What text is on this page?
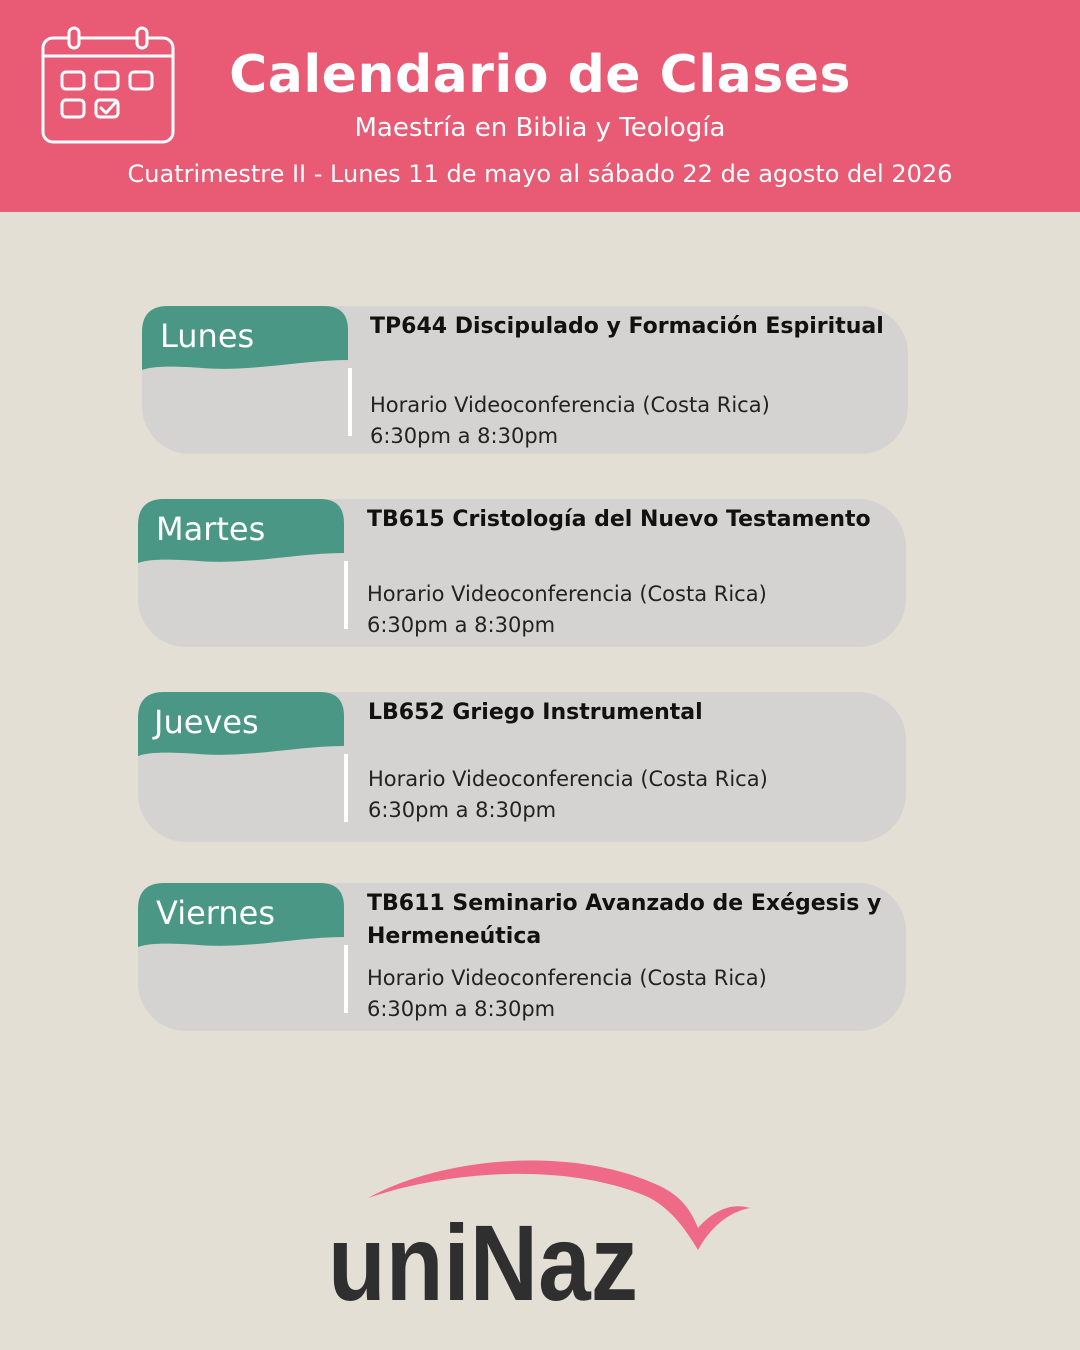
Calendario de Clases
Maestría en Biblia y Teología
Cuatrimestre II - Lunes 11 de mayo al sábado 22 de agosto del 2026
Lunes	TP644 Discipulado y Formación Espiritual
Horario Videoconferencia (Costa Rica)
6:30pm a 8:30pm
Martes	TB615 Cristología del Nuevo Testamento
Horario Videoconferencia (Costa Rica)
6:30pm a 8:30pm
Jueves	LB652 Griego Instrumental
Horario Videoconferencia (Costa Rica)
6:30pm a 8:30pm
Viernes	TB611 Seminario Avanzado de Exégesis y Hermeneútica
Horario Videoconferencia (Costa Rica)
6:30pm a 8:30pm
uniNaz
